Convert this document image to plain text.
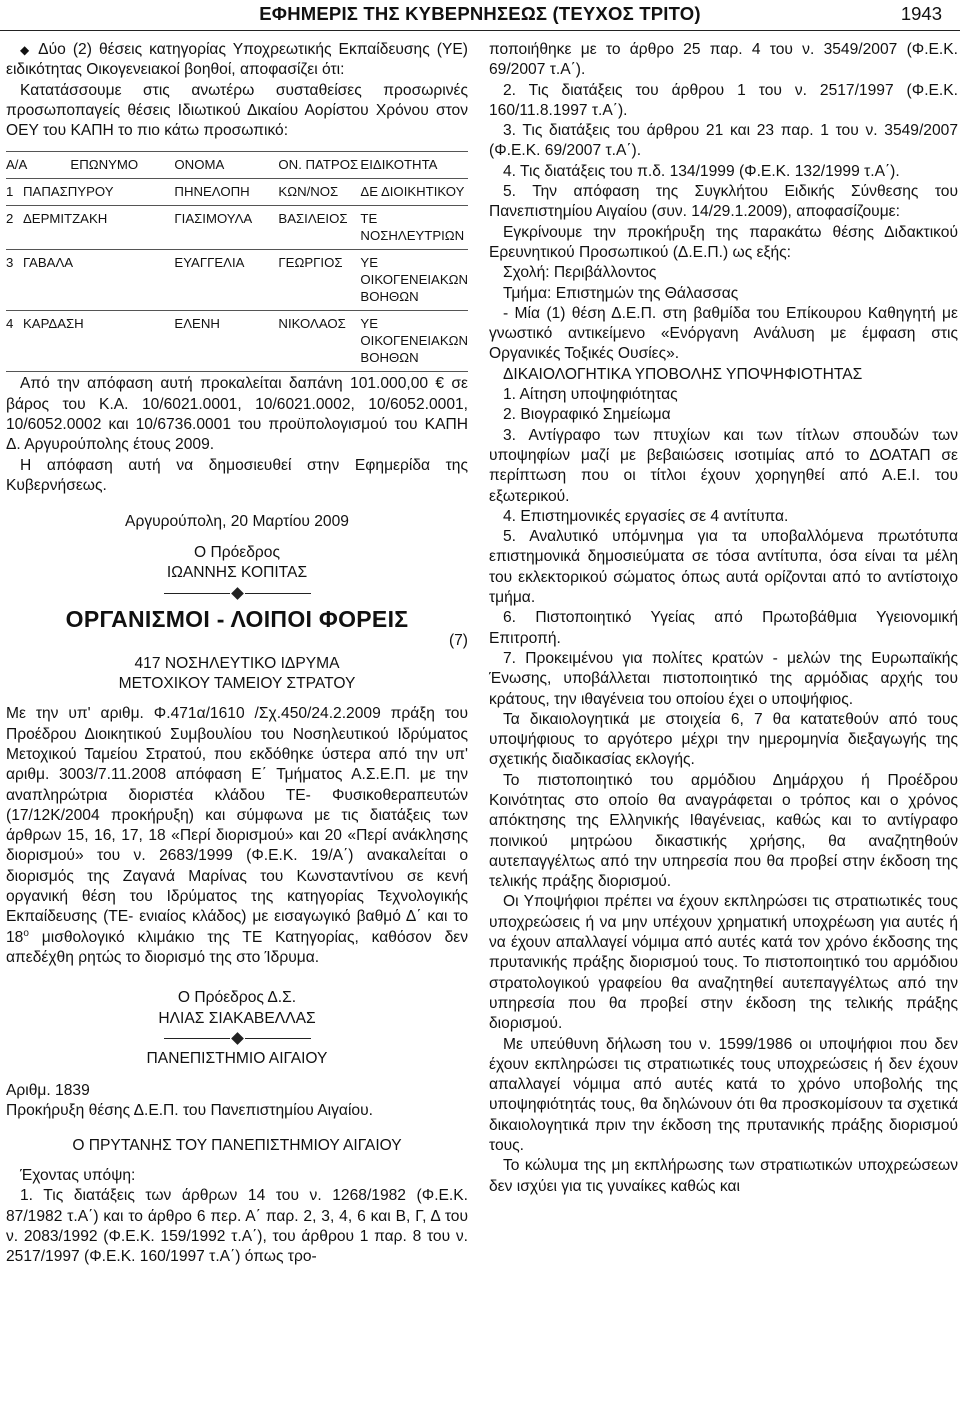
ΕΦΗΜΕΡΙΣ ΤΗΣ ΚΥΒΕΡΝΗΣΕΩΣ (ΤΕΥΧΟΣ ΤΡΙΤΟ)	1943

◆ Δύο (2) θέσεις κατηγορίας Υποχρεωτικής Εκπαίδευσης (ΥΕ) ειδικότητας Οικογενειακοί βοηθοί, αποφασίζει ότι:

Κατατάσσουμε στις ανωτέρω συσταθείσες προσωρινές προσωποπαγείς θέσεις Ιδιωτικού Δικαίου Αορίστου Χρόνου στον ΟΕΥ του ΚΑΠΗ το πιο κάτω προσωπικό:

Α/Α		ΕΠΩΝΥΜΟ	ΟΝΟΜΑ	ΟΝ. ΠΑΤΡΟΣ	ΕΙΔΙΚΟΤΗΤΑ
1	ΠΑΠΑΣΠΥΡΟΥ		ΠΗΝΕΛΟΠΗ	ΚΩΝ/ΝΟΣ	ΔΕ ΔΙΟΙΚΗΤΙΚΟΥ
2	ΔΕΡΜΙΤΖΑΚΗ		ΓΙΑΣΙΜΟΥΛΑ	ΒΑΣΙΛΕΙΟΣ	ΤΕ ΝΟΣΗΛΕΥΤΡΙΩΝ
3	ΓΑΒΑΛΑ		ΕΥΑΓΓΕΛΙΑ	ΓΕΩΡΓΙΟΣ	ΥΕ ΟΙΚΟΓΕΝΕΙΑΚΩΝ ΒΟΗΘΩΝ
4	ΚΑΡΔΑΣΗ		ΕΛΕΝΗ	ΝΙΚΟΛΑΟΣ	ΥΕ ΟΙΚΟΓΕΝΕΙΑΚΩΝ ΒΟΗΘΩΝ

Από την απόφαση αυτή προκαλείται δαπάνη 101.000,00 € σε βάρος του Κ.Α. 10/6021.0001, 10/6021.0002, 10/6052.0001, 10/6052.0002 και 10/6736.0001 του προϋπολογισμού του ΚΑΠΗ Δ. Αργυρούπολης έτους 2009.

Η απόφαση αυτή να δημοσιευθεί στην Εφημερίδα της Κυβερνήσεως.

Αργυρούπολη, 20 Μαρτίου 2009

Ο Πρόεδρος

ΙΩΑΝΝΗΣ ΚΟΠΙΤΑΣ

ΟΡΓΑΝΙΣΜΟΙ - ΛΟΙΠΟΙ ΦΟΡΕΙΣ

(7)

417 ΝΟΣΗΛΕΥΤΙΚΟ ΙΔΡΥΜΑ

ΜΕΤΟΧΙΚΟΥ ΤΑΜΕΙΟΥ ΣΤΡΑΤΟΥ

Με την υπ' αριθμ. Φ.471α/1610 /Σχ.450/24.2.2009 πράξη του Προέδρου Διοικητικού Συμβουλίου του Νοσηλευτικού Ιδρύματος Μετοχικού Ταμείου Στρατού, που εκδόθηκε ύστερα από την υπ' αριθμ. 3003/7.11.2008 απόφαση Ε΄ Τμήματος Α.Σ.Ε.Π. με την αναπληρώτρια διοριστέα κλάδου ΤΕ- Φυσικοθεραπευτών (17/12Κ/2004 προκήρυξη) και σύμφωνα με τις διατάξεις των άρθρων 15, 16, 17, 18 «Περί διορισμού» και 20 «Περί ανάκλησης διορισμού» του ν. 2683/1999 (Φ.Ε.Κ. 19/Α΄) ανακαλείται ο διορισμός της Ζαγανά Μαρίνας του Κωνσταντίνου σε κενή οργανική θέση του Ιδρύματος της κατηγορίας Τεχνολογικής Εκπαίδευσης (ΤΕ- ενιαίος κλάδος) με εισαγωγικό βαθμό Δ΄ και το $18^o$ μισθολογικό κλιμάκιο της ΤΕ Κατηγορίας, καθόσον δεν απεδέχθη ρητώς το διορισμό της στο Ίδρυμα.

Ο Πρόεδρος Δ.Σ.

ΗΛΙΑΣ ΣΙΑΚΑΒΕΛΛΑΣ

ΠΑΝΕΠΙΣΤΗΜΙΟ ΑΙΓΑΙΟΥ

Αριθμ. 1839

Προκήρυξη θέσης Δ.Ε.Π. του Πανεπιστημίου Αιγαίου.

Ο ΠΡΥΤΑΝΗΣ ΤΟΥ ΠΑΝΕΠΙΣΤΗΜΙΟΥ ΑΙΓΑΙΟΥ

Έχοντας υπόψη:

1. Τις διατάξεις των άρθρων 14 του ν. 1268/1982 (Φ.Ε.Κ. 87/1982 τ.Α΄) και το άρθρο 6 περ. Α΄ παρ. 2, 3, 4, 6 και Β, Γ, Δ του ν. 2083/1992 (Φ.Ε.Κ. 159/1992 τ.Α΄), του άρθρου 1 παρ. 8 του ν. 2517/1997 (Φ.Ε.Κ. 160/1997 τ.Α΄) όπως τρο-

ποποιήθηκε με το άρθρο 25 παρ. 4 του ν. 3549/2007 (Φ.Ε.Κ. 69/2007 τ.Α΄).

2. Τις διατάξεις του άρθρου 1 του ν. 2517/1997 (Φ.Ε.Κ. 160/11.8.1997 τ.Α΄).

3. Τις διατάξεις του άρθρου 21 και 23 παρ. 1 του ν. 3549/2007 (Φ.Ε.Κ. 69/2007 τ.Α΄).

4. Τις διατάξεις του π.δ. 134/1999 (Φ.Ε.Κ. 132/1999 τ.Α΄).

5. Την απόφαση της Συγκλήτου Ειδικής Σύνθεσης του Πανεπιστημίου Αιγαίου (συν. 14/29.1.2009), αποφασίζουμε:

Εγκρίνουμε την προκήρυξη της παρακάτω θέσης Διδακτικού Ερευνητικού Προσωπικού (Δ.Ε.Π.) ως εξής:

Σχολή: Περιβάλλοντος

Τμήμα: Επιστημών της Θάλασσας

- Μία (1) θέση Δ.Ε.Π. στη βαθμίδα του Επίκουρου Καθηγητή με γνωστικό αντικείμενο «Ενόργανη Ανάλυση με έμφαση στις Οργανικές Τοξικές Ουσίες».

ΔΙΚΑΙΟΛΟΓΗΤΙΚΑ ΥΠΟΒΟΛΗΣ ΥΠΟΨΗΦΙΟΤΗΤΑΣ

1. Αίτηση υποψηφιότητας

2. Βιογραφικό Σημείωμα

3. Αντίγραφο των πτυχίων και των τίτλων σπουδών των υποψηφίων μαζί με βεβαιώσεις ισοτιμίας από το ΔΟΑΤΑΠ σε περίπτωση που οι τίτλοι έχουν χορηγηθεί από Α.Ε.Ι. του εξωτερικού.

4. Επιστημονικές εργασίες σε 4 αντίτυπα.

5. Αναλυτικό υπόμνημα για τα υποβαλλόμενα πρωτότυπα επιστημονικά δημοσιεύματα σε τόσα αντίτυπα, όσα είναι τα μέλη του εκλεκτορικού σώματος όπως αυτά ορίζονται από το αντίστοιχο τμήμα.

6. Πιστοποιητικό Υγείας από Πρωτοβάθμια Υγειονομική Επιτροπή.

7. Προκειμένου για πολίτες κρατών - μελών της Ευρωπαϊκής Ένωσης, υποβάλλεται πιστοποιητικό της αρμόδιας αρχής του κράτους, την ιθαγένεια του οποίου έχει ο υποψήφιος.

Τα δικαιολογητικά με στοιχεία 6, 7 θα κατατεθούν από τους υποψήφιους το αργότερο μέχρι την ημερομηνία διεξαγωγής της σχετικής διαδικασίας εκλογής.

Το πιστοποιητικό του αρμόδιου Δημάρχου ή Προέδρου Κοινότητας στο οποίο θα αναγράφεται ο τρόπος και ο χρόνος απόκτησης της Ελληνικής Ιθαγένειας, καθώς και το αντίγραφο ποινικού μητρώου δικαστικής χρήσης, θα αναζητηθούν αυτεπαγγέλτως από την υπηρεσία που θα προβεί στην έκδοση της τελικής πράξης διορισμού.

Οι Υποψήφιοι πρέπει να έχουν εκπληρώσει τις στρατιωτικές τους υποχρεώσεις ή να μην υπέχουν χρηματική υποχρέωση για αυτές ή να έχουν απαλλαγεί νόμιμα από αυτές κατά τον χρόνο έκδοσης της πρυτανικής πράξης διορισμού τους. Το πιστοποιητικό του αρμόδιου στρατολογικού γραφείου θα αναζητηθεί αυτεπαγγέλτως από την υπηρεσία που θα προβεί στην έκδοση της τελικής πράξης διορισμού.

Με υπεύθυνη δήλωση του ν. 1599/1986 οι υποψήφιοι που δεν έχουν εκπληρώσει τις στρατιωτικές τους υποχρεώσεις ή δεν έχουν απαλλαγεί νόμιμα από αυτές κατά το χρόνο υποβολής της υποψηφιότητάς τους, θα δηλώνουν ότι θα προσκομίσουν τα σχετικά δικαιολογητικά πριν την έκδοση της πρυτανικής πράξης διορισμού τους.

Το κώλυμα της μη εκπλήρωσης των στρατιωτικών υποχρεώσεων δεν ισχύει για τις γυναίκες καθώς και
